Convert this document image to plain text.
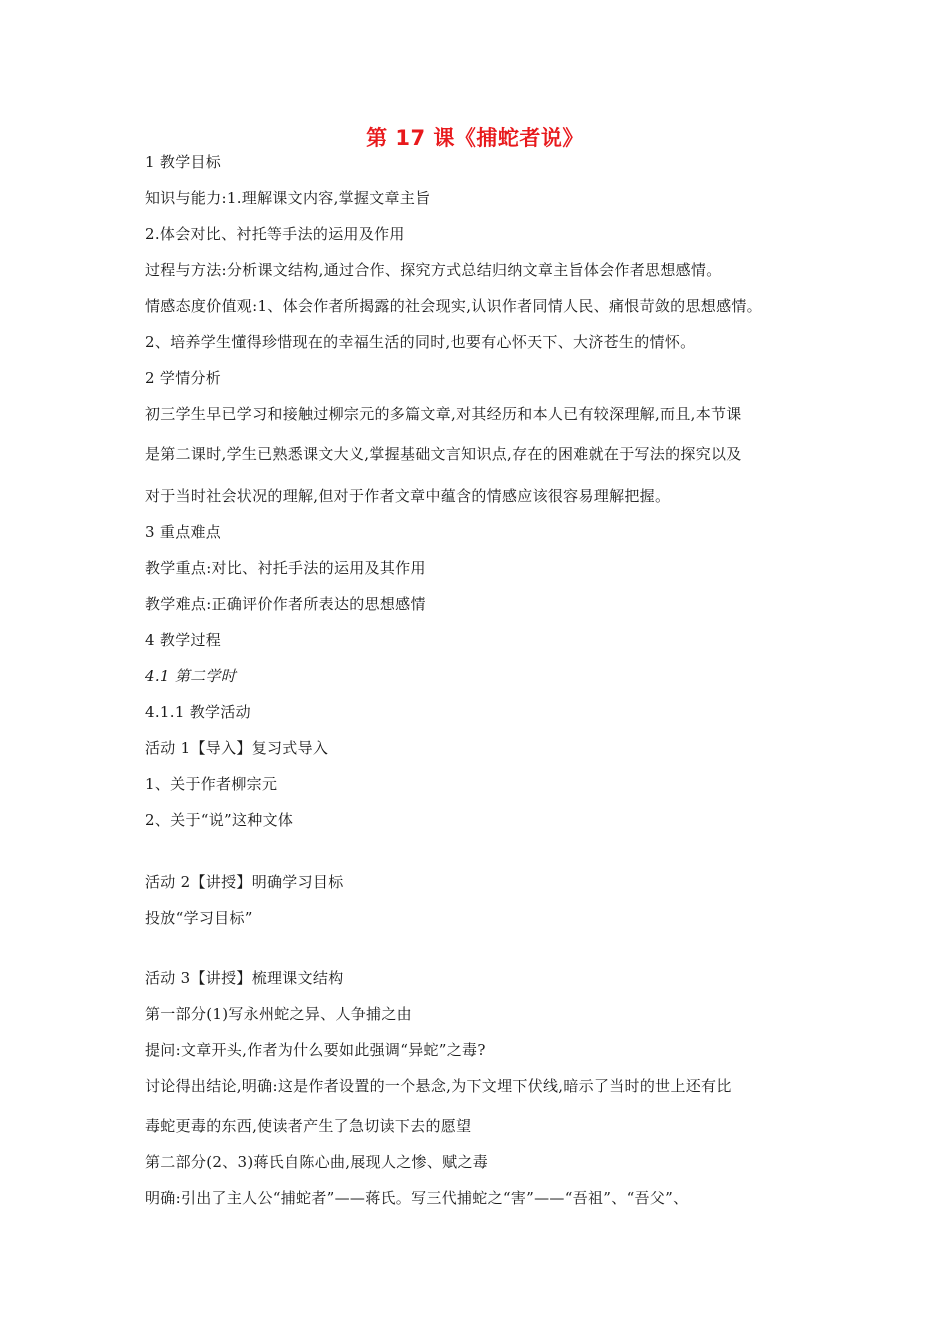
第 17 课《捕蛇者说》
1 教学目标
知识与能力:1.理解课文内容,掌握文章主旨
2.体会对比、衬托等手法的运用及作用
过程与方法:分析课文结构,通过合作、探究方式总结归纳文章主旨体会作者思想感情。
情感态度价值观:1、体会作者所揭露的社会现实,认识作者同情人民、痛恨苛敛的思想感情。
2、培养学生懂得珍惜现在的幸福生活的同时,也要有心怀天下、大济苍生的情怀。
2 学情分析
初三学生早已学习和接触过柳宗元的多篇文章,对其经历和本人已有较深理解,而且,本节课
是第二课时,学生已熟悉课文大义,掌握基础文言知识点,存在的困难就在于写法的探究以及
对于当时社会状况的理解,但对于作者文章中蕴含的情感应该很容易理解把握。
3 重点难点
教学重点:对比、衬托手法的运用及其作用
教学难点:正确评价作者所表达的思想感情
4 教学过程
4.1 第二学时
4.1.1 教学活动
活动 1【导入】复习式导入
1、关于作者柳宗元
2、关于“说”这种文体
活动 2【讲授】明确学习目标
投放“学习目标”
活动 3【讲授】梳理课文结构
第一部分(1)写永州蛇之异、人争捕之由
提问:文章开头,作者为什么要如此强调“异蛇”之毒?
讨论得出结论,明确:这是作者设置的一个悬念,为下文埋下伏线,暗示了当时的世上还有比
毒蛇更毒的东西,使读者产生了急切读下去的愿望
第二部分(2、3)蒋氏自陈心曲,展现人之惨、赋之毒
明确:引出了主人公“捕蛇者”——蒋氏。写三代捕蛇之“害”——“吾祖”、“吾父”、
